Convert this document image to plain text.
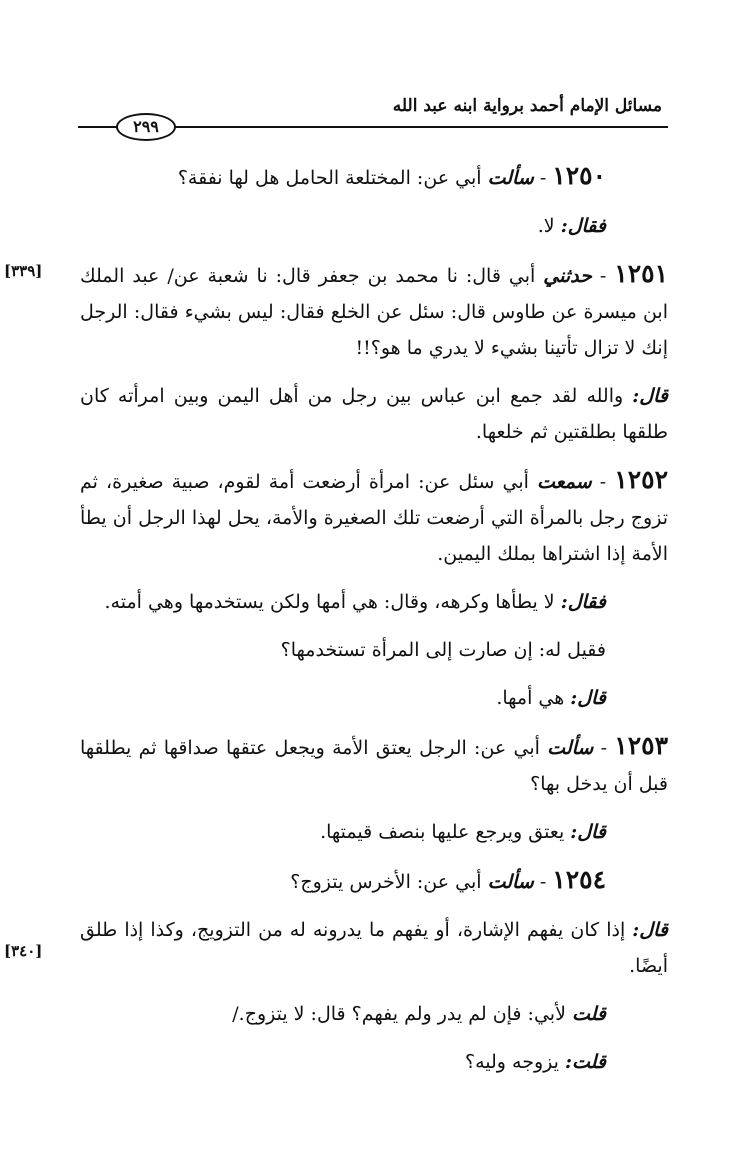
مسائل الإمام أحمد برواية ابنه عبد الله
٢٩٩
[٣٣٩]
[٣٤٠]

١٢٥٠ - سألت أبي عن: المختلعة الحامل هل لها نفقة؟

فقال: لا.

١٢٥١ - حدثني أبي قال: نا محمد بن جعفر قال: نا شعبة عن/ عبد الملك ابن ميسرة عن طاوس قال: سئل عن الخلع فقال: ليس بشيء فقال: الرجل إنك لا تزال تأتينا بشيء لا يدري ما هو؟!!

قال: والله لقد جمع ابن عباس بين رجل من أهل اليمن وبين امرأته كان طلقها بطلقتين ثم خلعها.

١٢٥٢ - سمعت أبي سئل عن: امرأة أرضعت أمة لقوم، صبية صغيرة، ثم تزوج رجل بالمرأة التي أرضعت تلك الصغيرة والأمة، يحل لهذا الرجل أن يطأ الأمة إذا اشتراها بملك اليمين.

فقال: لا يطأها وكرهه، وقال: هي أمها ولكن يستخدمها وهي أمته.

فقيل له: إن صارت إلى المرأة تستخدمها؟

قال: هي أمها.

١٢٥٣ - سألت أبي عن: الرجل يعتق الأمة ويجعل عتقها صداقها ثم يطلقها قبل أن يدخل بها؟

قال: يعتق ويرجع عليها بنصف قيمتها.

١٢٥٤ - سألت أبي عن: الأخرس يتزوج؟

قال: إذا كان يفهم الإشارة، أو يفهم ما يدرونه له من التزويج، وكذا إذا طلق أيضًا.

قلت لأبي: فإن لم يدر ولم يفهم؟ قال: لا يتزوج./

قلت: يزوجه وليه؟
